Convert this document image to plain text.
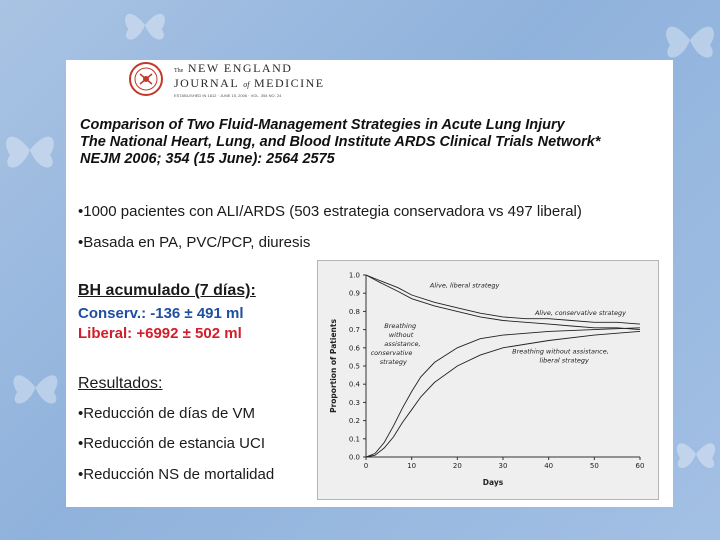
The NEW ENGLAND
JOURNAL of MEDICINE
ESTABLISHED IN 1812 · JUNE 15, 2006 · VOL. 354 NO. 24
Comparison of Two Fluid-Management Strategies in Acute Lung Injury
The National Heart, Lung, and Blood Institute ARDS Clinical Trials Network*
NEJM 2006; 354 (15 June): 2564 2575
•1000 pacientes con ALI/ARDS (503 estrategia conservadora vs 497 liberal)
•Basada en PA, PVC/PCP, diuresis
BH acumulado (7 días):
Conserv.: -136 ± 491 ml
Liberal: +6992 ± 502 ml
Resultados:
•Reducción de días de VM
•Reducción de estancia UCI
•Reducción NS de mortalidad
0.0
0.1
0.2
0.3
0.4
0.5
0.6
0.7
0.8
0.9
1.0
0	10	20	30	40	50	60
Days
Proportion of Patients
Alive, liberal strategy
Alive, conservative strategy
Breathing
without
assistance,
conservative
strategy
Breathing without assistance,
liberal strategy
